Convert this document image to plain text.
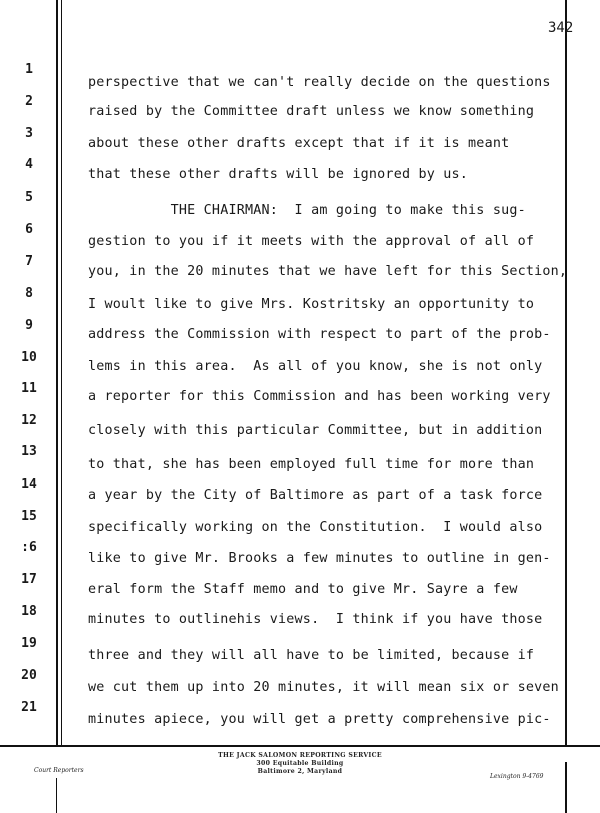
342
1
2
3
4
5
6
7
8
9
10
11
12
13
14
15
:6
17
18
19
20
21
perspective that we can't really decide on the questions
raised by the Committee draft unless we know something
about these other drafts except that if it is meant
that these other drafts will be ignored by us.
THE CHAIRMAN:  I am going to make this sug-
gestion to you if it meets with the approval of all of
you, in the 20 minutes that we have left for this Section,
I woult like to give Mrs. Kostritsky an opportunity to
address the Commission with respect to part of the prob-
lems in this area.  As all of you know, she is not only
a reporter for this Commission and has been working very
closely with this particular Committee, but in addition
to that, she has been employed full time for more than
a year by the City of Baltimore as part of a task force
specifically working on the Constitution.  I would also
like to give Mr. Brooks a few minutes to outline in gen-
eral form the Staff memo and to give Mr. Sayre a few
minutes to outlinehis views.  I think if you have those
three and they will all have to be limited, because if
we cut them up into 20 minutes, it will mean six or seven
minutes apiece, you will get a pretty comprehensive pic-
THE JACK SALOMON REPORTING SERVICE
300 Equitable Building
Baltimore 2, Maryland
Court Reporters
Lexington 9-4769
